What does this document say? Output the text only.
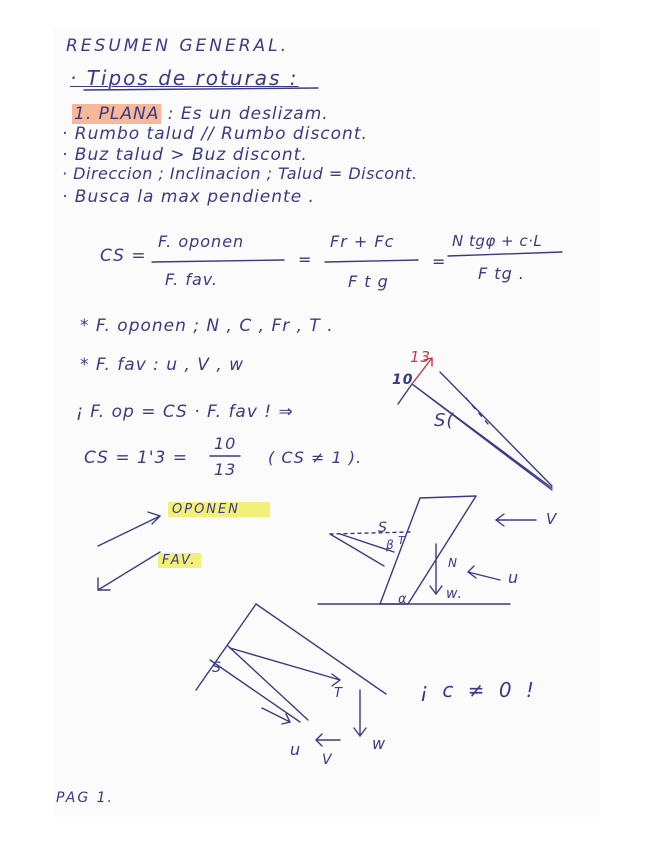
RESUMEN GENERAL.
· Tipos de roturas :
1. PLANA : Es un deslizam.
· Rumbo talud // Rumbo discont.
· Buz talud > Buz discont.
· Direccion ; Inclinacion ; Talud = Discont.
· Busca la max pendiente .
CS =
F. oponen
F. fav.
=
Fr + Fc
F t g
=
N tgφ + c·L
F tg .
* F. oponen ; N , C , Fr , T .
* F. fav : u , V , w
¡ F. op = CS · F. fav ! ⇒
CS = 1'3 =
10
13
( CS ≠ 1 ).
OPONEN
FAV.
13
10
S(
V
u
w.
S
β T
α
N
T
u	w
V
S
¡ c ≠ 0 !
PAG 1.
